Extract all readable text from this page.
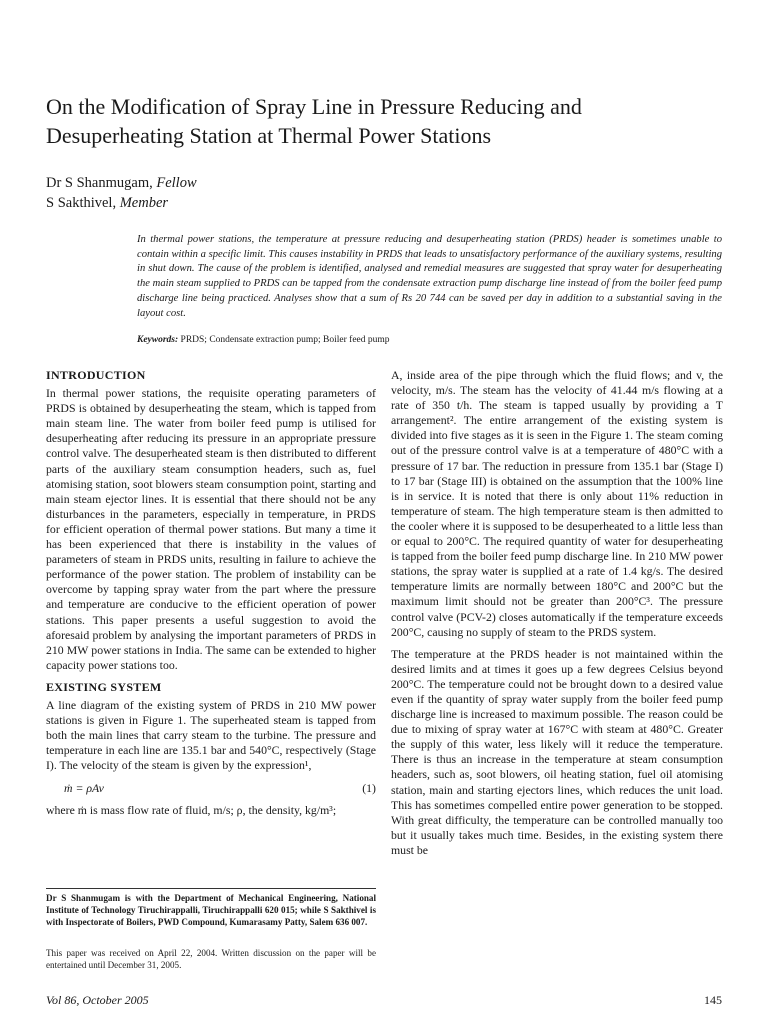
On the Modification of Spray Line in Pressure Reducing and
Desuperheating Station at Thermal Power Stations
Dr S Shanmugam, Fellow
S Sakthivel, Member

In thermal power stations, the temperature at pressure reducing and desuperheating station (PRDS) header is sometimes unable to contain within a specific limit. This causes instability in PRDS that leads to unsatisfactory performance of the auxiliary systems, resulting in shut down. The cause of the problem is identified, analysed and remedial measures are suggested that spray water for desuperheating the main steam supplied to PRDS can be tapped from the condensate extraction pump discharge line instead of from the boiler feed pump discharge line being practiced. Analyses show that a sum of Rs 20 744 can be saved per day in addition to a substantial saving in the layout cost.

Keywords: PRDS; Condensate extraction pump; Boiler feed pump
INTRODUCTION

In thermal power stations, the requisite operating parameters of PRDS is obtained by desuperheating the steam, which is tapped from main steam line. The water from boiler feed pump is utilised for desuperheating after reducing its pressure in an appropriate pressure control valve. The desuperheated steam is then distributed to different parts of the auxiliary steam consumption headers, such as, fuel atomising station, soot blowers steam consumption point, starting and main steam ejector lines. It is essential that there should not be any disturbances in the parameters, especially in temperature, in PRDS for efficient operation of thermal power stations. But many a time it has been experienced that there is instability in the values of parameters of steam in PRDS units, resulting in failure to achieve the performance of the power station. The problem of instability can be overcome by tapping spray water from the part where the pressure and temperature are conducive to the efficient operation of power stations. This paper presents a useful suggestion to avoid the aforesaid problem by analysing the important parameters of PRDS in 210 MW power stations in India. The same can be extended to higher capacity power stations too.

EXISTING SYSTEM

A line diagram of the existing system of PRDS in 210 MW power stations is given in Figure 1. The superheated steam is tapped from both the main lines that carry steam to the turbine. The pressure and temperature in each line are 135.1 bar and 540°C, respectively (Stage I). The velocity of the steam is given by the expression¹,

ṁ = ρAv	(1)

where ṁ is mass flow rate of fluid, m/s; ρ, the density, kg/m³;

Dr S Shanmugam is with the Department of Mechanical Engineering, National Institute of Technology Tiruchirappalli, Tiruchirappalli 620 015; while S Sakthivel is with Inspectorate of Boilers, PWD Compound, Kumarasamy Patty, Salem 636 007.

This paper was received on April 22, 2004. Written discussion on the paper will be entertained until December 31, 2005.

A, inside area of the pipe through which the fluid flows; and v, the velocity, m/s. The steam has the velocity of 41.44 m/s flowing at a rate of 350 t/h. The steam is tapped usually by providing a T arrangement². The entire arrangement of the existing system is divided into five stages as it is seen in the Figure 1. The steam coming out of the pressure control valve is at a temperature of 480°C with a pressure of 17 bar. The reduction in pressure from 135.1 bar (Stage I) to 17 bar (Stage III) is obtained on the assumption that the 100% line is in service. It is noted that there is only about 11% reduction in temperature of steam. The high temperature steam is then admitted to the cooler where it is supposed to be desuperheated to a little less than or equal to 200°C. The required quantity of water for desuperheating is tapped from the boiler feed pump discharge line. In 210 MW power stations, the spray water is supplied at a rate of 1.4 kg/s. The desired temperature limits are normally between 180°C and 200°C but the maximum limit should not be greater than 200°C³. The pressure control valve (PCV-2) closes automatically if the temperature exceeds 200°C, causing no supply of steam to the PRDS system.

The temperature at the PRDS header is not maintained within the desired limits and at times it goes up a few degrees Celsius beyond 200°C. The temperature could not be brought down to a desired value even if the quantity of spray water supply from the boiler feed pump discharge line is increased to maximum possible. The reason could be due to mixing of spray water at 167°C with steam at 480°C. Greater the supply of this water, less likely will it reduce the temperature. There is thus an increase in the temperature at steam consumption headers, such as, soot blowers, oil heating station, fuel oil atomising station, main and starting ejectors lines, which reduces the unit load. This has sometimes compelled entire power generation to be stopped. With great difficulty, the temperature can be controlled manually too but it usually takes much time. Besides, in the existing system there must be

Vol 86, October 2005	145
